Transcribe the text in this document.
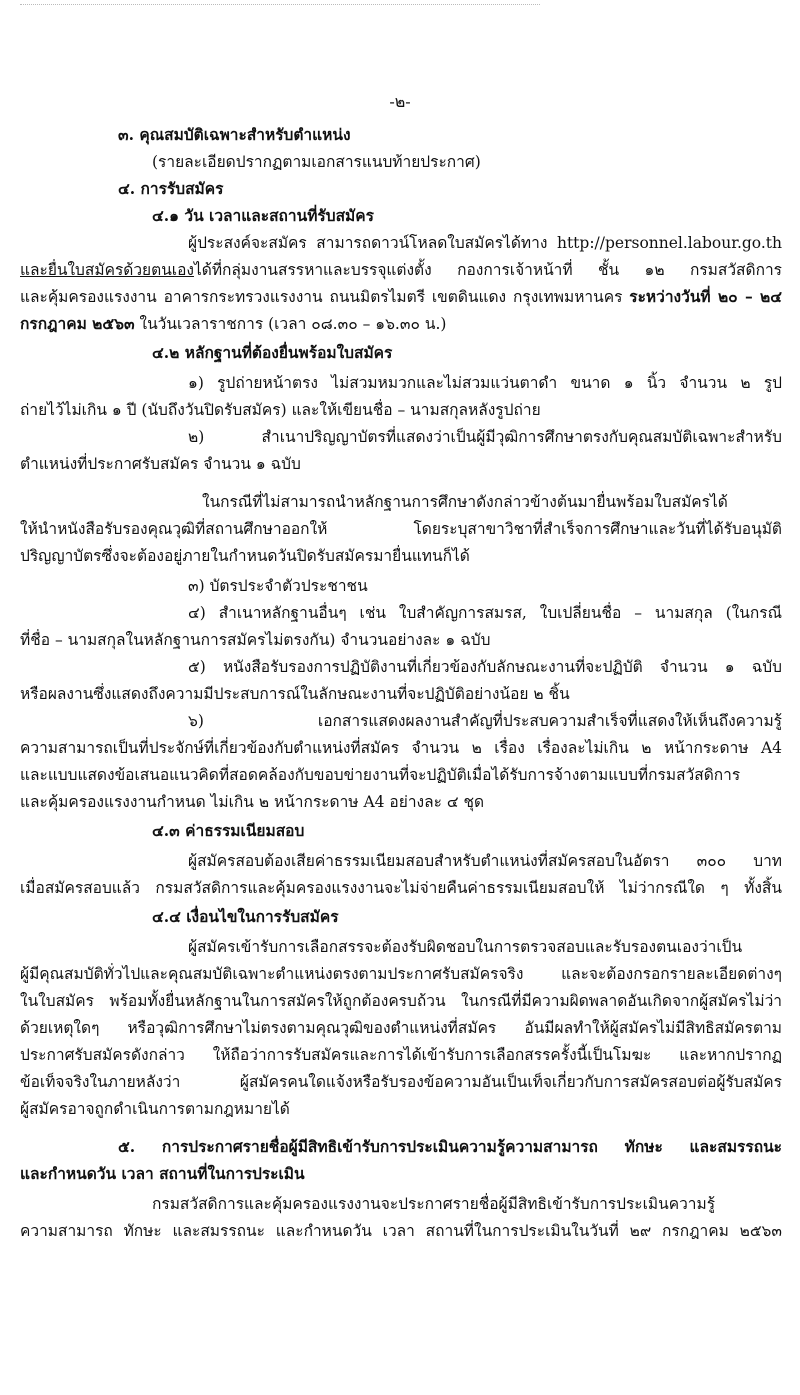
-๒-
๓. คุณสมบัติเฉพาะสำหรับตำแหน่ง
(รายละเอียดปรากฏตามเอกสารแนบท้ายประกาศ)
๔. การรับสมัคร
๔.๑ วัน เวลาและสถานที่รับสมัคร
ผู้ประสงค์จะสมัคร สามารถดาวน์โหลดใบสมัครได้ทาง http://personnel.labour.go.th
และยื่นใบสมัครด้วยตนเองได้ที่กลุ่มงานสรรหาและบรรจุแต่งตั้ง กองการเจ้าหน้าที่ ชั้น ๑๒ กรมสวัสดิการ
และคุ้มครองแรงงาน อาคารกระทรวงแรงงาน ถนนมิตรไมตรี เขตดินแดง กรุงเทพมหานคร ระหว่างวันที่ ๒๐ – ๒๔
กรกฎาคม ๒๕๖๓ ในวันเวลาราชการ (เวลา ๐๘.๓๐ – ๑๖.๓๐ น.)
๔.๒ หลักฐานที่ต้องยื่นพร้อมใบสมัคร
๑) รูปถ่ายหน้าตรง ไม่สวมหมวกและไม่สวมแว่นตาดำ ขนาด ๑ นิ้ว จำนวน ๒ รูป
ถ่ายไว้ไม่เกิน ๑ ปี (นับถึงวันปิดรับสมัคร) และให้เขียนชื่อ – นามสกุลหลังรูปถ่าย
๒) สำเนาปริญญาบัตรที่แสดงว่าเป็นผู้มีวุฒิการศึกษาตรงกับคุณสมบัติเฉพาะสำหรับ
ตำแหน่งที่ประกาศรับสมัคร จำนวน ๑ ฉบับ
ในกรณีที่ไม่สามารถนำหลักฐานการศึกษาดังกล่าวข้างต้นมายื่นพร้อมใบสมัครได้
ให้นำหนังสือรับรองคุณวุฒิที่สถานศึกษาออกให้ โดยระบุสาขาวิชาที่สำเร็จการศึกษาและวันที่ได้รับอนุมัติ
ปริญญาบัตรซึ่งจะต้องอยู่ภายในกำหนดวันปิดรับสมัครมายื่นแทนก็ได้
๓) บัตรประจำตัวประชาชน
๔) สำเนาหลักฐานอื่นๆ เช่น ใบสำคัญการสมรส, ใบเปลี่ยนชื่อ – นามสกุล (ในกรณี
ที่ชื่อ – นามสกุลในหลักฐานการสมัครไม่ตรงกัน) จำนวนอย่างละ ๑ ฉบับ
๕) หนังสือรับรองการปฏิบัติงานที่เกี่ยวข้องกับลักษณะงานที่จะปฏิบัติ จำนวน ๑ ฉบับ
หรือผลงานซึ่งแสดงถึงความมีประสบการณ์ในลักษณะงานที่จะปฏิบัติอย่างน้อย ๒ ชิ้น
๖) เอกสารแสดงผลงานสำคัญที่ประสบความสำเร็จที่แสดงให้เห็นถึงความรู้
ความสามารถเป็นที่ประจักษ์ที่เกี่ยวข้องกับตำแหน่งที่สมัคร จำนวน ๒ เรื่อง เรื่องละไม่เกิน ๒ หน้ากระดาษ A4
และแบบแสดงข้อเสนอแนวคิดที่สอดคล้องกับขอบข่ายงานที่จะปฏิบัติเมื่อได้รับการจ้างตามแบบที่กรมสวัสดิการ
และคุ้มครองแรงงานกำหนด ไม่เกิน ๒ หน้ากระดาษ A4 อย่างละ ๔ ชุด
๔.๓ ค่าธรรมเนียมสอบ
ผู้สมัครสอบต้องเสียค่าธรรมเนียมสอบสำหรับตำแหน่งที่สมัครสอบในอัตรา ๓๐๐ บาท
เมื่อสมัครสอบแล้ว กรมสวัสดิการและคุ้มครองแรงงานจะไม่จ่ายคืนค่าธรรมเนียมสอบให้ ไม่ว่ากรณีใด ๆ ทั้งสิ้น
๔.๔ เงื่อนไขในการรับสมัคร
ผู้สมัครเข้ารับการเลือกสรรจะต้องรับผิดชอบในการตรวจสอบและรับรองตนเองว่าเป็น
ผู้มีคุณสมบัติทั่วไปและคุณสมบัติเฉพาะตำแหน่งตรงตามประกาศรับสมัครจริง และจะต้องกรอกรายละเอียดต่างๆ
ในใบสมัคร พร้อมทั้งยื่นหลักฐานในการสมัครให้ถูกต้องครบถ้วน ในกรณีที่มีความผิดพลาดอันเกิดจากผู้สมัครไม่ว่า
ด้วยเหตุใดๆ หรือวุฒิการศึกษาไม่ตรงตามคุณวุฒิของตำแหน่งที่สมัคร อันมีผลทำให้ผู้สมัครไม่มีสิทธิสมัครตาม
ประกาศรับสมัครดังกล่าว ให้ถือว่าการรับสมัครและการได้เข้ารับการเลือกสรรครั้งนี้เป็นโมฆะ และหากปรากฏ
ข้อเท็จจริงในภายหลังว่า ผู้สมัครคนใดแจ้งหรือรับรองข้อความอันเป็นเท็จเกี่ยวกับการสมัครสอบต่อผู้รับสมัคร
ผู้สมัครอาจถูกดำเนินการตามกฎหมายได้
๕. การประกาศรายชื่อผู้มีสิทธิเข้ารับการประเมินความรู้ความสามารถ ทักษะ และสมรรถนะ
และกำหนดวัน เวลา สถานที่ในการประเมิน
กรมสวัสดิการและคุ้มครองแรงงานจะประกาศรายชื่อผู้มีสิทธิเข้ารับการประเมินความรู้
ความสามารถ ทักษะ และสมรรถนะ และกำหนดวัน เวลา สถานที่ในการประเมินในวันที่ ๒๙ กรกฎาคม ๒๕๖๓
